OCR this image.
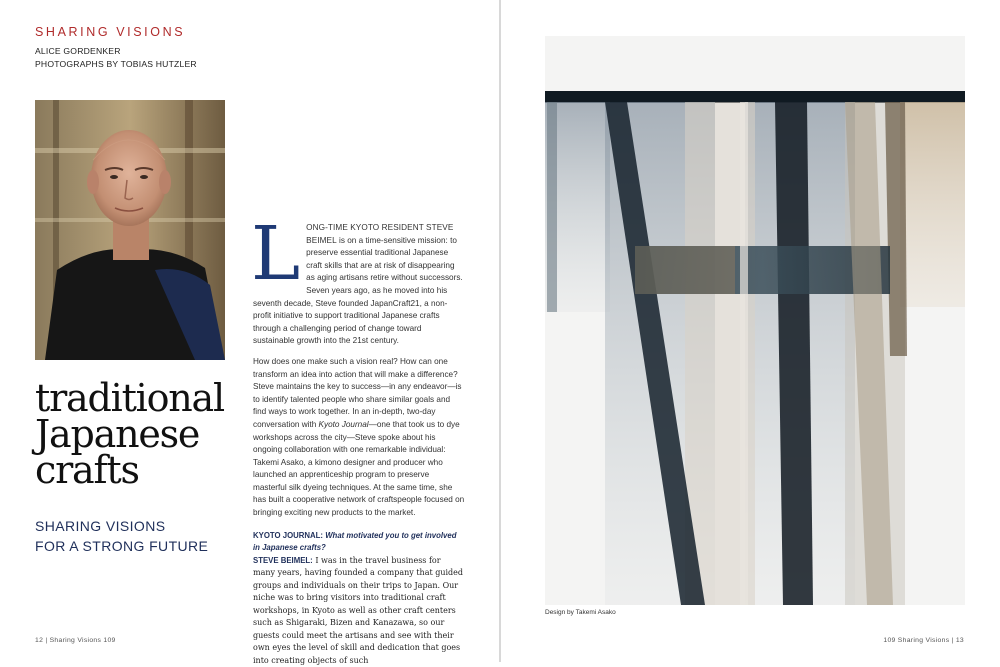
SHARING VISIONS
ALICE GORDENKER
PHOTOGRAPHS BY TOBIAS HUTZLER
traditional
Japanese
crafts
SHARING VISIONS
FOR A STRONG FUTURE
LONG-TIME KYOTO RESIDENT STEVE BEIMEL is on a time-sensitive mission: to preserve essential traditional Japanese craft skills that are at risk of disappearing as aging artisans retire without successors. Seven years ago, as he moved into his seventh decade, Steve founded JapanCraft21, a non-profit initiative to support traditional Japanese crafts through a challenging period of change toward sustainable growth into the 21st century.
How does one make such a vision real? How can one transform an idea into action that will make a difference? Steve maintains the key to success—in any endeavor—is to identify talented people who share similar goals and find ways to work together. In an in-depth, two-day conversation with Kyoto Journal—one that took us to dye workshops across the city—Steve spoke about his ongoing collaboration with one remarkable individual: Takemi Asako, a kimono designer and producer who launched an apprenticeship program to preserve masterful silk dyeing techniques. At the same time, she has built a cooperative network of craftspeople focused on bringing exciting new products to the market.
KYOTO JOURNAL: What motivated you to get involved in Japanese crafts?
STEVE BEIMEL: I was in the travel business for many years, having founded a company that guided groups and individuals on their trips to Japan. Our niche was to bring visitors into traditional craft workshops, in Kyoto as well as other craft centers such as Shigaraki, Bizen and Kanazawa, so our guests could meet the artisans and see with their own eyes the level of skill and dedication that goes into creating objects of such
12 | Sharing Visions 109
Design by Takemi Asako
109 Sharing Visions | 13
